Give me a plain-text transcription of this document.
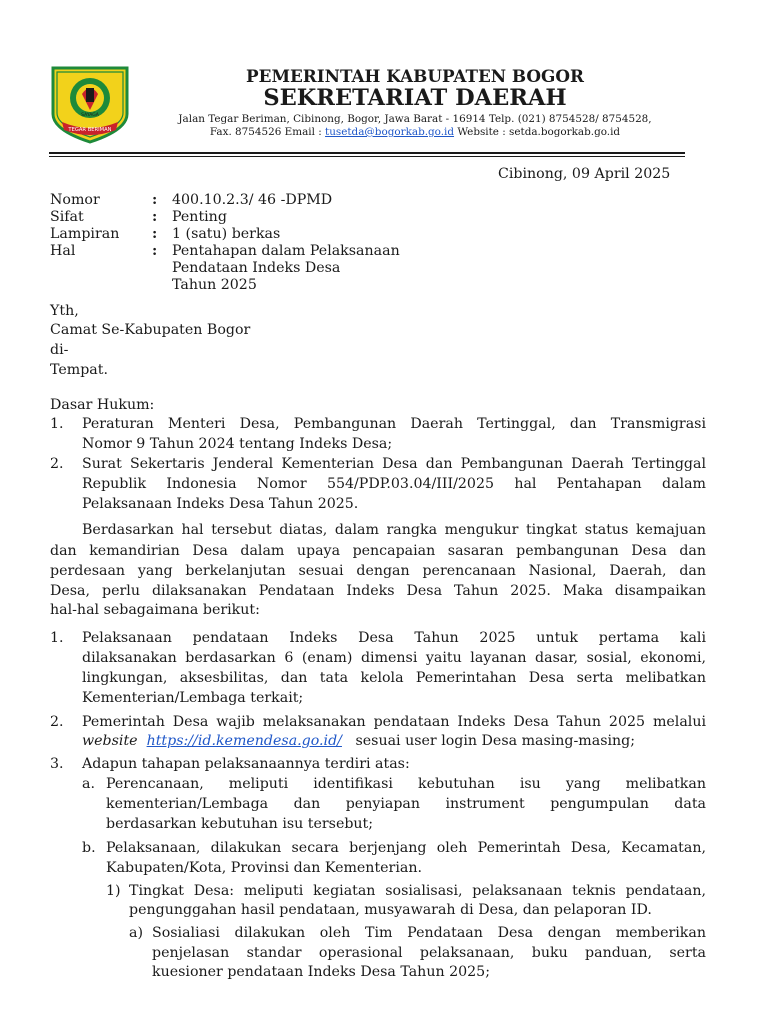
SAYAGA
TEGAR BERIMAN
PEMERINTAH KABUPATEN BOGOR
SEKRETARIAT DAERAH
Jalan Tegar Beriman, Cibinong, Bogor, Jawa Barat - 16914 Telp. (021) 8754528/ 8754528,
Fax. 8754526 Email : tusetda@bogorkab.go.id Website : setda.bogorkab.go.id
Cibinong, 09 April 2025
Nomor	: 400.10.2.3/ 46 -DPMD
Sifat	: Penting
Lampiran : 1 (satu) berkas
Hal	: Pentahapan dalam Pelaksanaan
Pendataan Indeks Desa
Tahun 2025
Yth,
Camat Se-Kabupaten Bogor
di-
Tempat.
Dasar Hukum:
1. Peraturan Menteri Desa, Pembangunan Daerah Tertinggal, dan Transmigrasi
Nomor 9 Tahun 2024 tentang Indeks Desa;
2. Surat Sekertaris Jenderal Kementerian Desa dan Pembangunan Daerah Tertinggal
Republik Indonesia Nomor 554/PDP.03.04/III/2025 hal Pentahapan dalam
Pelaksanaan Indeks Desa Tahun 2025.
Berdasarkan hal tersebut diatas, dalam rangka mengukur tingkat status kemajuan
dan kemandirian Desa dalam upaya pencapaian sasaran pembangunan Desa dan
perdesaan yang berkelanjutan sesuai dengan perencanaan Nasional, Daerah, dan
Desa, perlu dilaksanakan Pendataan Indeks Desa Tahun 2025. Maka disampaikan
hal-hal sebagaimana berikut:
1. Pelaksanaan pendataan Indeks Desa Tahun 2025 untuk pertama kali
dilaksanakan berdasarkan 6 (enam) dimensi yaitu layanan dasar, sosial, ekonomi,
lingkungan, aksesbilitas, dan tata kelola Pemerintahan Desa serta melibatkan
Kementerian/Lembaga terkait;
2. Pemerintah Desa wajib melaksanakan pendataan Indeks Desa Tahun 2025 melalui
website https://id.kemendesa.go.id/   sesuai user login Desa masing-masing;
3. Adapun tahapan pelaksanaannya terdiri atas:
a. Perencanaan, meliputi identifikasi kebutuhan isu yang melibatkan
kementerian/Lembaga dan penyiapan instrument pengumpulan data
berdasarkan kebutuhan isu tersebut;
b. Pelaksanaan, dilakukan secara berjenjang oleh Pemerintah Desa, Kecamatan,
Kabupaten/Kota, Provinsi dan Kementerian.
1) Tingkat Desa: meliputi kegiatan sosialisasi, pelaksanaan teknis pendataan,
pengunggahan hasil pendataan, musyawarah di Desa, dan pelaporan ID.
a) Sosialiasi dilakukan oleh Tim Pendataan Desa dengan memberikan
penjelasan standar operasional pelaksanaan, buku panduan, serta
kuesioner pendataan Indeks Desa Tahun 2025;
